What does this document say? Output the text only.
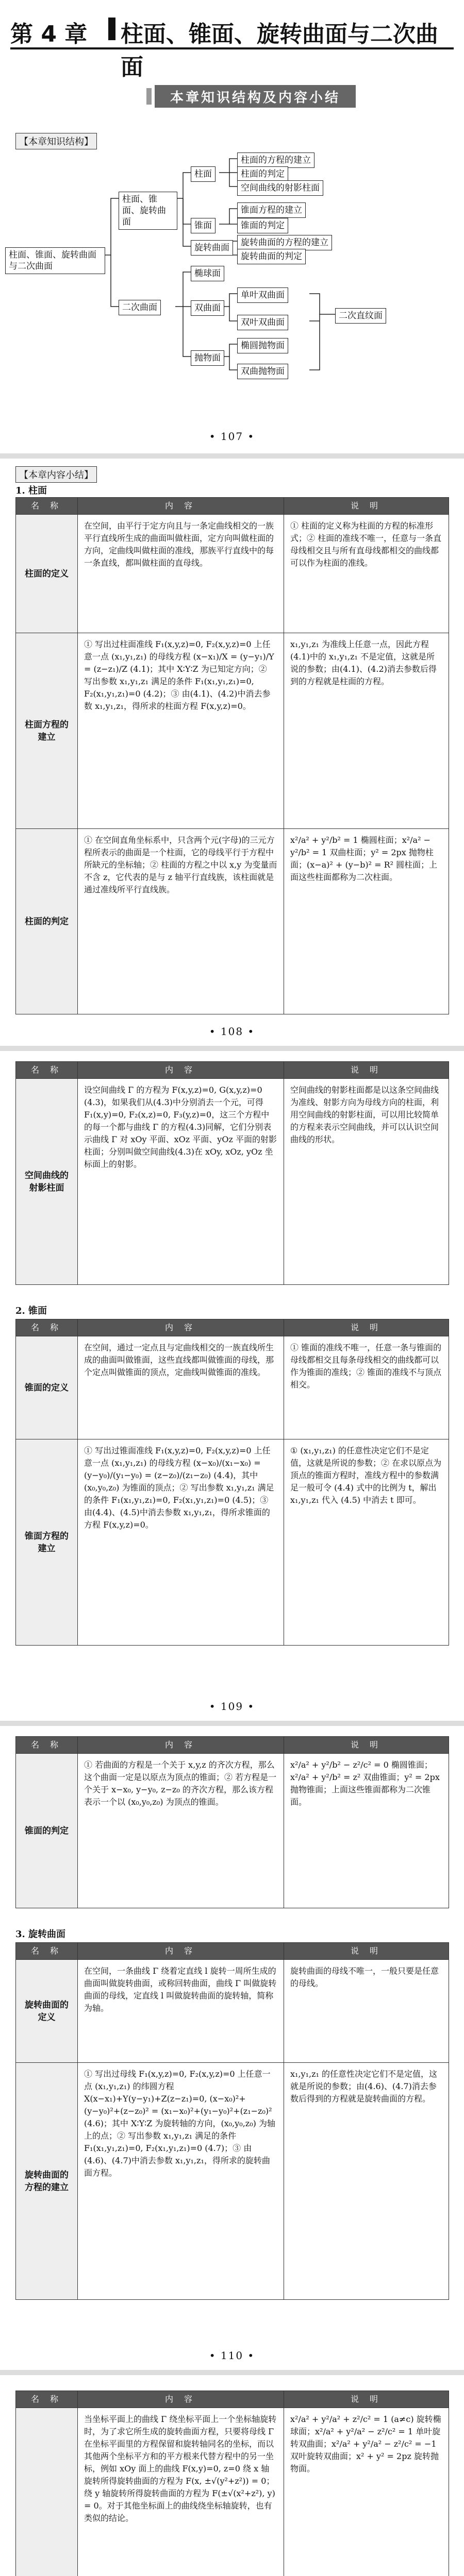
第 4 章 柱面、锥面、旋转曲面与二次曲面
本章知识结构及内容小结
【本章知识结构】
柱面、锥面、旋转曲面与二次曲面
柱面、锥面、旋转曲面
二次曲面
柱面
锥面
旋转曲面
柱面的方程的建立
柱面的判定
空间曲线的射影柱面
锥面方程的建立
锥面的判定
旋转曲面的方程的建立
旋转曲面的判定
椭球面
双曲面
抛物面
单叶双曲面
双叶双曲面
椭圆抛物面
双曲抛物面
二次直纹面
• 107 •
【本章内容小结】
1. 柱面
名 称	内 容	说 明
柱面的定义	在空间，由平行于定方向且与一条定曲线相交的一族平行直线所生成的曲面叫做柱面，定方向叫做柱面的方向，定曲线叫做柱面的准线，那族平行直线中的每一条直线，都叫做柱面的直母线。	① 柱面的定义称为柱面的方程的标准形式；② 柱面的准线不唯一，任意与一条直母线相交且与所有直母线都相交的曲线都可以作为柱面的准线。
柱面方程的建立	① 写出过柱面准线 F₁(x,y,z)=0, F₂(x,y,z)=0 上任意一点 (x₁,y₁,z₁) 的母线方程 (x−x₁)/X = (y−y₁)/Y = (z−z₁)/Z (4.1)；其中 X∶Y∶Z 为已知定方向；② 写出参数 x₁,y₁,z₁ 满足的条件 F₁(x₁,y₁,z₁)=0, F₂(x₁,y₁,z₁)=0 (4.2)；③ 由(4.1)、(4.2)中消去参数 x₁,y₁,z₁，得所求的柱面方程 F(x,y,z)=0。	x₁,y₁,z₁ 为准线上任意一点，因此方程(4.1)中的 x₁,y₁,z₁ 不是定值，这就是所说的参数；由(4.1)、(4.2)消去参数后得到的方程就是柱面的方程。
柱面的判定	① 在空间直角坐标系中，只含两个元(字母)的三元方程所表示的曲面是一个柱面，它的母线平行于方程中所缺元的坐标轴；② 柱面的方程之中以 x,y 为变量而不含 z，它代表的是与 z 轴平行直线族，该柱面就是通过准线所平行直线族。	x²/a² + y²/b² = 1 椭圆柱面；x²/a² − y²/b² = 1 双曲柱面；y² = 2px 抛物柱面；(x−a)² + (y−b)² = R² 圆柱面；上面这些柱面都称为二次柱面。
• 108 •
名 称	内 容	说 明
空间曲线的射影柱面	设空间曲线 Γ 的方程为 F(x,y,z)=0, G(x,y,z)=0 (4.3)，如果我们从(4.3)中分别消去一个元，可得 F₁(x,y)=0, F₂(x,z)=0, F₃(y,z)=0，这三个方程中的每一个都与曲线 Γ 的方程(4.3)同解，它们分别表示曲线 Γ 对 xOy 平面、xOz 平面、yOz 平面的射影柱面；分别叫做空间曲线(4.3)在 xOy, xOz, yOz 坐标面上的射影。	空间曲线的射影柱面都是以这条空间曲线为准线、射影方向为母线方向的柱面，利用空间曲线的射影柱面，可以用比较简单的方程来表示空间曲线，并可以认识空间曲线的形状。
2. 锥面
名 称	内 容	说 明
锥面的定义	在空间，通过一定点且与定曲线相交的一族直线所生成的曲面叫做锥面，这些直线都叫做锥面的母线，那个定点叫做锥面的顶点，定曲线叫做锥面的准线。	① 锥面的准线不唯一，任意一条与锥面的母线都相交且每条母线相交的曲线都可以作为锥面的准线；② 锥面的准线不与顶点相交。
锥面方程的建立	① 写出过锥面准线 F₁(x,y,z)=0, F₂(x,y,z)=0 上任意一点 (x₁,y₁,z₁) 的母线方程 (x−x₀)/(x₁−x₀) = (y−y₀)/(y₁−y₀) = (z−z₀)/(z₁−z₀) (4.4)，其中 (x₀,y₀,z₀) 为锥面的顶点；② 写出参数 x₁,y₁,z₁ 满足的条件 F₁(x₁,y₁,z₁)=0, F₂(x₁,y₁,z₁)=0 (4.5)；③ 由(4.4)、(4.5)中消去参数 x₁,y₁,z₁，得所求锥面的方程 F(x,y,z)=0。	① (x₁,y₁,z₁) 的任意性决定它们不是定值，这就是所说的参数；② 在求以原点为顶点的锥面方程时，准线方程中的参数满足一般可令 (4.4) 式中的比例为 t，解出 x₁,y₁,z₁ 代入 (4.5) 中消去 t 即可。
• 109 •
名 称	内 容	说 明
锥面的判定	① 若曲面的方程是一个关于 x,y,z 的齐次方程，那么这个曲面一定是以原点为顶点的锥面；② 若方程是一个关于 x−x₀, y−y₀, z−z₀ 的齐次方程，那么该方程表示一个以 (x₀,y₀,z₀) 为顶点的锥面。	x²/a² + y²/b² − z²/c² = 0 椭圆锥面；x²/a² + y²/b² = z² 双曲锥面；y² = 2px 抛物锥面；上面这些锥面都称为二次锥面。
3. 旋转曲面
名 称	内 容	说 明
旋转曲面的定义	在空间，一条曲线 Γ 绕着定直线 l 旋转一周所生成的曲面叫做旋转曲面，或称回转曲面，曲线 Γ 叫做旋转曲面的母线，定直线 l 叫做旋转曲面的旋转轴，简称为轴。	旋转曲面的母线不唯一，一般只要是任意的母线。
旋转曲面的方程的建立	① 写出过母线 F₁(x,y,z)=0, F₂(x,y,z)=0 上任意一点 (x₁,y₁,z₁) 的纬圆方程 X(x−x₁)+Y(y−y₁)+Z(z−z₁)=0, (x−x₀)²+(y−y₀)²+(z−z₀)² = (x₁−x₀)²+(y₁−y₀)²+(z₁−z₀)² (4.6)；其中 X∶Y∶Z 为旋转轴的方向，(x₀,y₀,z₀) 为轴上的点；② 写出参数 x₁,y₁,z₁ 满足的条件 F₁(x₁,y₁,z₁)=0, F₂(x₁,y₁,z₁)=0 (4.7)；③ 由(4.6)、(4.7)中消去参数 x₁,y₁,z₁，得所求的旋转曲面方程。	x₁,y₁,z₁ 的任意性决定它们不是定值，这就是所说的参数；由(4.6)、(4.7)消去参数后得到的方程就是旋转曲面的方程。
• 110 •
名 称	内 容	说 明
	当坐标平面上的曲线 Γ 绕坐标平面上一个坐标轴旋转时，为了求它所生成的旋转曲面方程，只要将母线 Γ 在坐标平面里的方程保留和旋转轴同名的坐标，而以其他两个坐标平方和的平方根来代替方程中的另一坐标，例如 xOy 面上的曲线 F(x,y)=0, z=0 绕 x 轴旋转所得旋转曲面的方程为 F(x, ±√(y²+z²)) = 0；绕 y 轴旋转所得旋转曲面的方程为 F(±√(x²+z²), y) = 0。对于其他坐标面上的曲线绕坐标轴旋转，也有类似的结论。	x²/a² + y²/a² + z²/c² = 1 (a≠c) 旋转椭球面；x²/a² + y²/a² − z²/c² = 1 单叶旋转双曲面；x²/a² + y²/a² − z²/c² = −1 双叶旋转双曲面；x² + y² = 2pz 旋转抛物面。
